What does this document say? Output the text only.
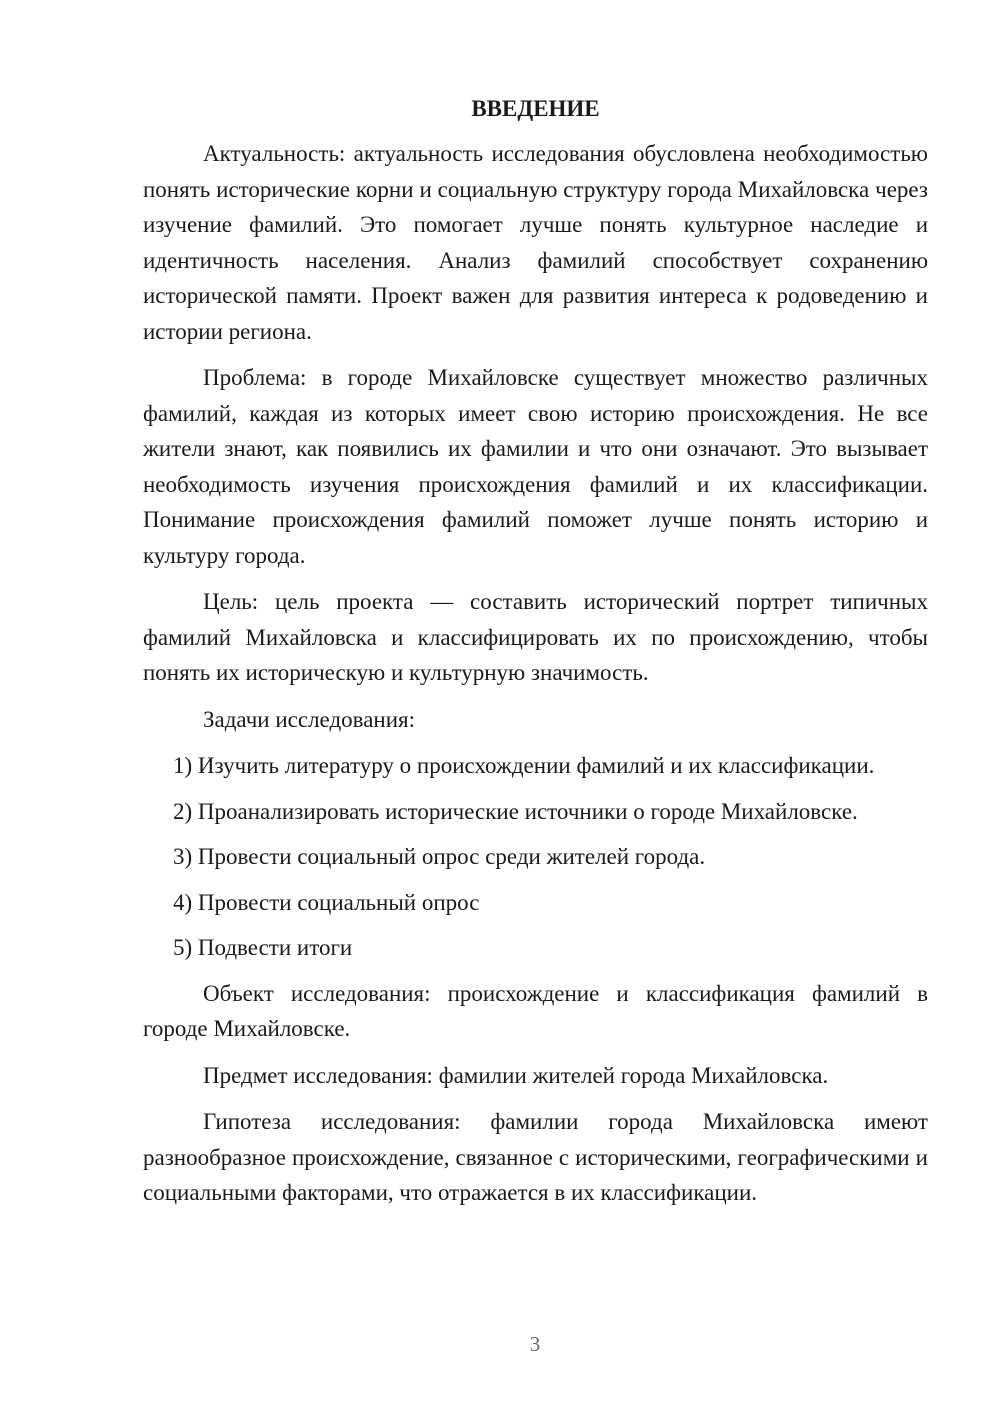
ВВЕДЕНИЕ

Актуальность: актуальность исследования обусловлена необходимостью понять исторические корни и социальную структуру города Михайловска через изучение фамилий. Это помогает лучше понять культурное наследие и идентичность населения. Анализ фамилий способствует сохранению исторической памяти. Проект важен для развития интереса к родоведению и истории региона.

Проблема: в городе Михайловске существует множество различных фамилий, каждая из которых имеет свою историю происхождения. Не все жители знают, как появились их фамилии и что они означают. Это вызывает необходимость изучения происхождения фамилий и их классификации. Понимание происхождения фамилий поможет лучше понять историю и культуру города.

Цель: цель проекта — составить исторический портрет типичных фамилий Михайловска и классифицировать их по происхождению, чтобы понять их историческую и культурную значимость.

Задачи исследования:

1) Изучить литературу о происхождении фамилий и их классификации.

2) Проанализировать исторические источники о городе Михайловске.

3) Провести социальный опрос среди жителей города.

4) Провести социальный опрос

5) Подвести итоги

Объект исследования: происхождение и классификация фамилий в городе Михайловске.

Предмет исследования: фамилии жителей города Михайловска.

Гипотеза исследования: фамилии города Михайловска имеют разнообразное происхождение, связанное с историческими, географическими и социальными факторами, что отражается в их классификации.

3
